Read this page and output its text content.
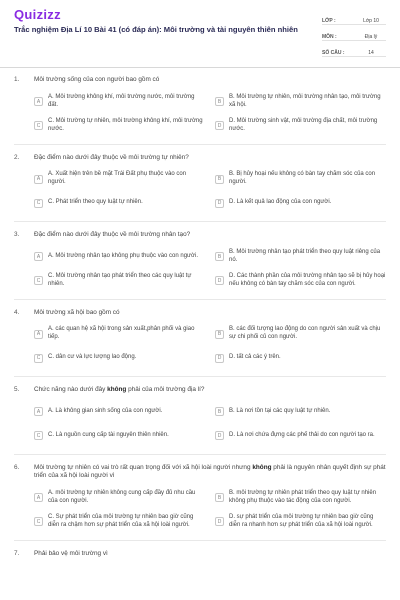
Quizizz
Trắc nghiệm Địa Lí 10 Bài 41 (có đáp án): Môi trường và tài nguyên thiên nhiên
LỚP :	Lớp 10
MÔN :	Địa lý
SỐ CÂU :	14
1.	Môi trường sống của con người bao gồm có
A
A. Môi trường không khí, môi trường nước, môi trường đất.	B
B. Môi trường tự nhiên, môi trường nhân tạo, môi trường xã hội.
C
C. Môi trường tự nhiên, môi trường không khí, môi trường nước.	D
D. Môi trường sinh vật, môi trường địa chất, môi trường nước.
2.	Đặc điểm nào dưới đây thuộc về môi trường tự nhiên?
A
A. Xuất hiện trên bề mặt Trái Đất phụ thuộc vào con người.	B
B. Bị hủy hoại nếu không có bàn tay chăm sóc của con người.
C	C. Phát triển theo quy luật tự nhiên.	D	D. Là kết quả lao động của con người.
3.	Đặc điểm nào dưới đây thuộc về môi trường nhân tạo?
A	A. Môi trường nhân tạo không phụ thuộc vào con người.	B
B. Môi trường nhân tạo phát triển theo quy luật riêng của nó.
C
C. Môi trường nhân tạo phát triển theo các quy luật tự nhiên.	D
D. Các thành phần của môi trường nhân tạo sẽ bị hủy hoại nếu không có bàn tay chăm sóc của con người.
4.	Môi trường xã hội bao gồm có
A
A. các quan hệ xã hội trong sản xuất,phân phối và giao tiếp.	B
B. các đối tượng lao động do con người sản xuất và chịu sự chi phối củ con người.
C	C. dân cư và lực lượng lao động.	D	D. tất cả các ý trên.
5.	Chức năng nào dưới đây không phải của môi trường địa lí?
A	A. Là không gian sinh sống của con người.	B	B. Là nơi tồn tại các quy luật tự nhiên.
C	C. Là nguồn cung cấp tài nguyên thiên nhiên.	D	D. Là nơi chứa đựng các phế thải do con người tạo ra.
6.	Môi trường tự nhiên có vai trò rất quan trọng đối với xã hội loài người nhưng không phải là nguyên nhân quyết định sự phát triển của xã hội loài người vì
A
A. môi trường tự nhiên không cung cấp đầy đủ nhu cầu của con người.	B
B. môi trường tự nhiên phát triển theo quy luật tự nhiên không phụ thuộc vào tác động của con người.
C
C. Sự phát triển của môi trường tự nhiên bao giờ cũng diễn ra chậm hơn sự phát triển của xã hội loài người.	D
D. sự phát triển của môi trường tự nhiên bao giờ cũng diễn ra nhanh hơn sự phát triển của xã hội loài người.
7.	Phải bảo vệ môi trường vì
